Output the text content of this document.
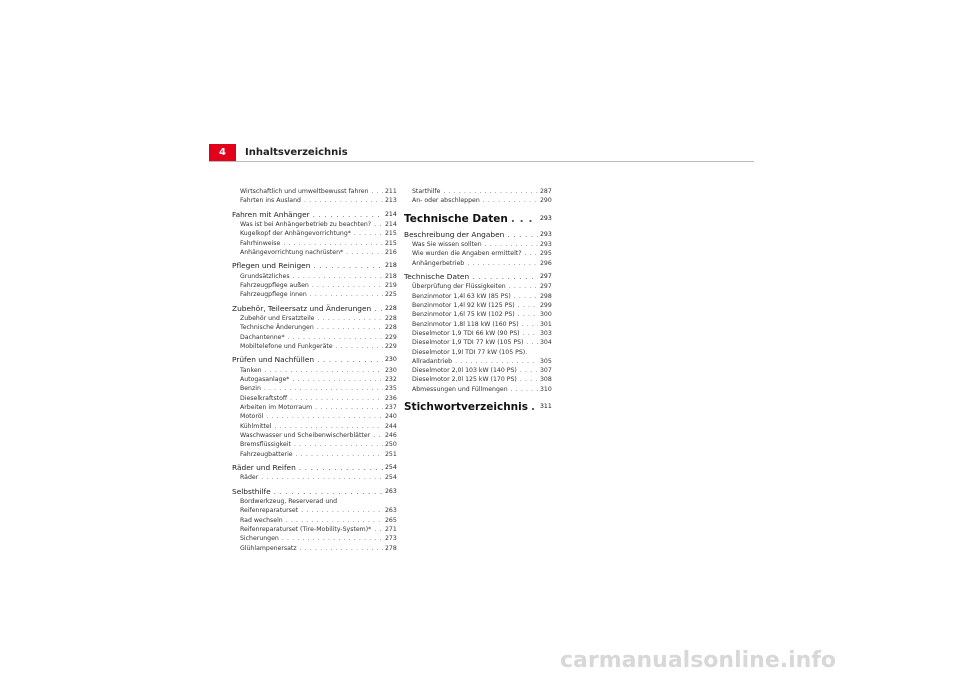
4	Inhaltsverzeichnis
Wirtschaftlich und umweltbewusst fahren . . .	211
Fahrten ins Ausland . . .	213
Fahren mit Anhänger . . .	214
Was ist bei Anhängerbetrieb zu beachten? . . . 214
Kugelkopf der Anhängevorrichtung* . . .	215
Fahrhinweise . . .	215
Anhängevorrichtung nachrüsten* . . .	216
Pflegen und Reinigen . . .	218
Grundsätzliches . . .	218
Fahrzeugpflege außen . . .	219
Fahrzeugpflege innen . . .	225
Zubehör, Teileersatz und Änderungen . . . 228
Zubehör und Ersatzteile . . .	228
Technische Änderungen . . .	228
Dachantenne* . . .	229
Mobiltelefone und Funkgeräte . . .	229
Prüfen und Nachfüllen . . .	230
Tanken . . .	230
Autogasanlage* . . .	232
Benzin . . .	235
Dieselkraftstoff . . .	236
Arbeiten im Motorraum . . .	237
Motoröl . . .	240
Kühlmittel . . .	244
Waschwasser und Scheibenwischerblätter . . . 246
Bremsflüssigkeit . . .	250
Fahrzeugbatterie . . .	251
Räder und Reifen . . .	254
Räder . . .	254
Selbsthilfe . . .	263
Bordwerkzeug, Reserverad und
Reifenreparaturset . . .	263
Rad wechseln . . .	265
Reifenreparaturset (Tire-Mobility-System)* . . . 271
Sicherungen . . .	273
Glühlampenersatz . . .	278
Starthilfe . . .	287
An- oder abschleppen . . .	290
Technische Daten . . .	293
Beschreibung der Angaben . . .	293
Was Sie wissen sollten . . .	293
Wie wurden die Angaben ermittelt? . . .	295
Anhängerbetrieb . . .	296
Technische Daten . . .	297
Überprüfung der Flüssigkeiten . . .	297
Benzinmotor 1,4l 63 kW (85 PS) . . .	298
Benzinmotor 1,4l 92 kW (125 PS) . . .	299
Benzinmotor 1,6l 75 kW (102 PS) . . .	300
Benzinmotor 1,8l 118 kW (160 PS) . . .	301
Dieselmotor 1,9 TDI 66 kW (90 PS) . . .	303
Dieselmotor 1,9 TDI 77 kW (105 PS) . . .	304
Dieselmotor 1,9l TDI 77 kW (105 PS).
Allradantrieb . . .	305
Dieselmotor 2,0l 103 kW (140 PS) . . .	307
Dieselmotor 2,0l 125 kW (170 PS) . . .	308
Abmessungen und Füllmengen . . .	310
Stichwortverzeichnis . . . 311
carmanualsonline.info
